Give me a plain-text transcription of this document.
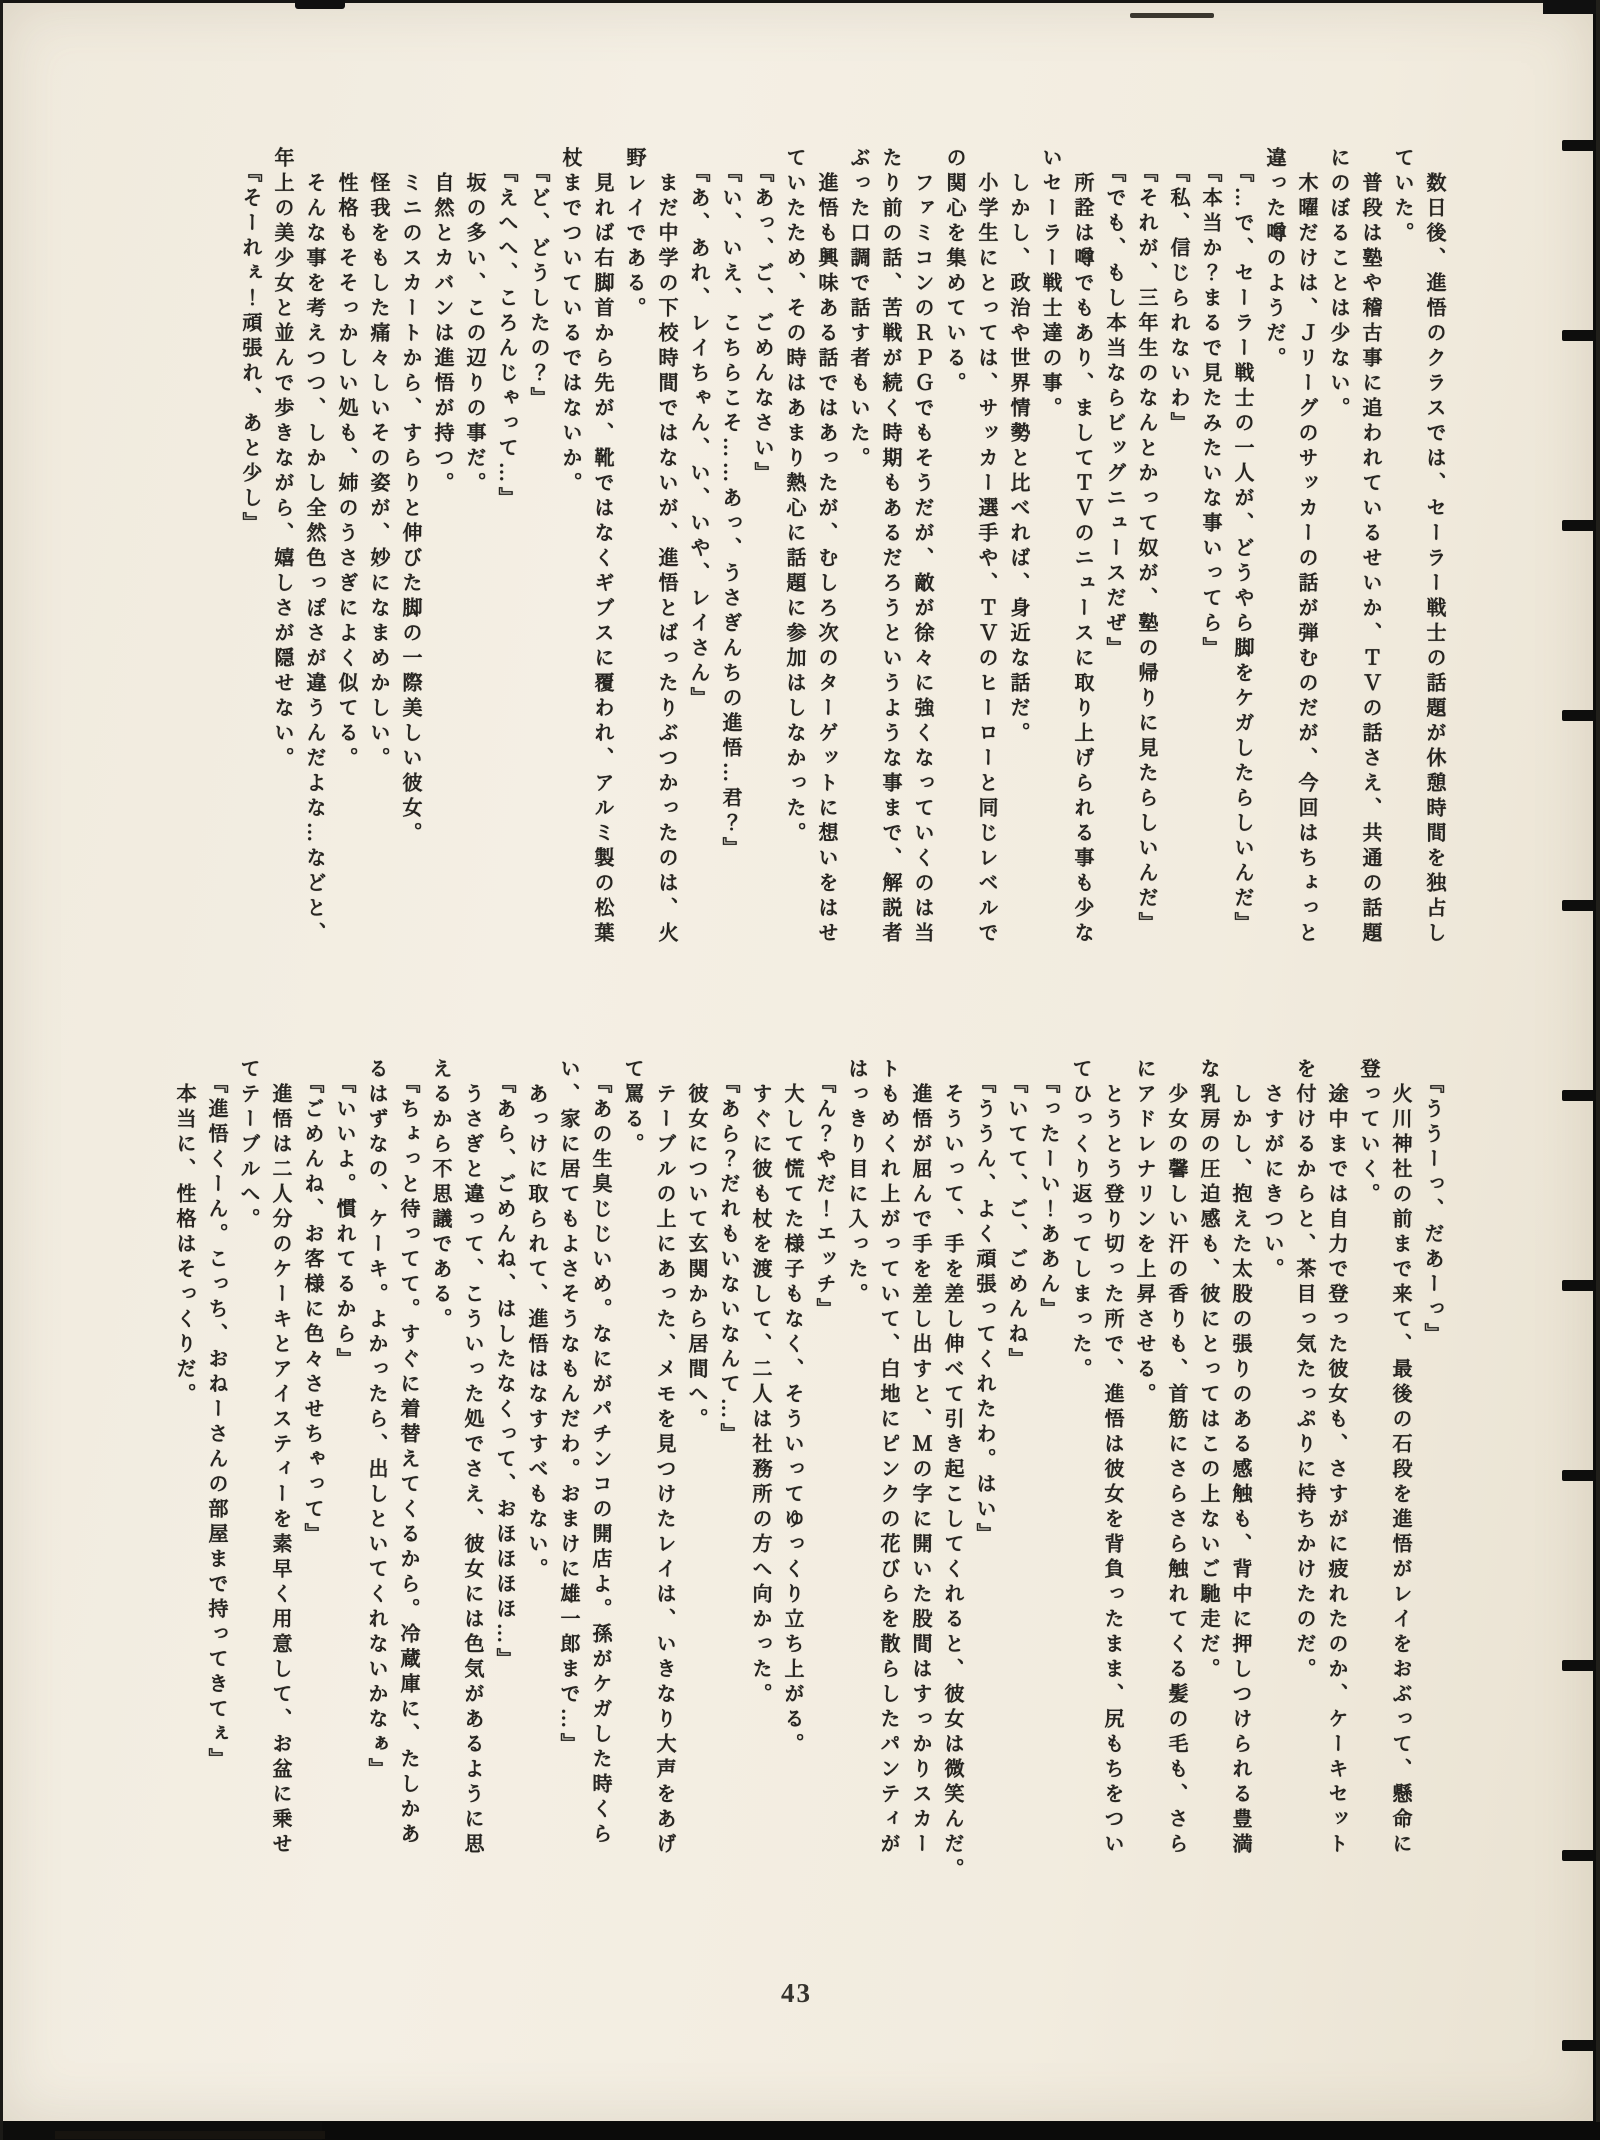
　数日後、進悟のクラスでは、セーラー戦士の話題が休憩時間を独占し

ていた。

　普段は塾や稽古事に追われているせいか、ＴＶの話さえ、共通の話題

にのぼることは少ない。

　木曜だけは、Ｊリーグのサッカーの話が弾むのだが、今回はちょっと

違った噂のようだ。

　『…で、セーラー戦士の一人が、どうやら脚をケガしたらしいんだ』

　『本当か？まるで見たみたいな事いってら』

　『私、信じられないわ』

　『それが、三年生のなんとかって奴が、塾の帰りに見たらしいんだ』

　『でも、もし本当ならビッグニュースだぜ』

　所詮は噂でもあり、ましてＴＶのニュースに取り上げられる事も少な

いセーラー戦士達の事。

　しかし、政治や世界情勢と比べれば、身近な話だ。

　小学生にとっては、サッカー選手や、ＴＶのヒーローと同じレベルで

の関心を集めている。

　ファミコンのＲＰＧでもそうだが、敵が徐々に強くなっていくのは当

たり前の話、苦戦が続く時期もあるだろうというような事まで、解説者

ぶった口調で話す者もいた。

　進悟も興味ある話ではあったが、むしろ次のターゲットに想いをはせ

ていたため、その時はあまり熱心に話題に参加はしなかった。

　『あっ、ご、ごめんなさい』

　『い、いえ、こちらこそ……あっ、うさぎんちの進悟…君？』

　『あ、あれ、レイちゃん、い、いや、レイさん』

　まだ中学の下校時間ではないが、進悟とばったりぶつかったのは、火

野レイである。

　見れば右脚首から先が、靴ではなくギブスに覆われ、アルミ製の松葉

杖までついているではないか。

　『ど、どうしたの？』

　『えへへ、ころんじゃって…』

　坂の多い、この辺りの事だ。

　自然とカバンは進悟が持つ。

　ミニのスカートから、すらりと伸びた脚の一際美しい彼女。

　怪我をもした痛々しいその姿が、妙になまめかしい。

　性格もそそっかしい処も、姉のうさぎによく似てる。

　そんな事を考えつつ、しかし全然色っぽさが違うんだよな…などと、

年上の美少女と並んで歩きながら、嬉しさが隠せない。

　『そーれぇ！頑張れ、あと少し』

　『ううーっ、だあーっ』

　火川神社の前まで来て、最後の石段を進悟がレイをおぶって、懸命に

登っていく。

　途中までは自力で登った彼女も、さすがに疲れたのか、ケーキセット

を付けるからと、茶目っ気たっぷりに持ちかけたのだ。

　さすがにきつい。

　しかし、抱えた太股の張りのある感触も、背中に押しつけられる豊満

な乳房の圧迫感も、彼にとってはこの上ないご馳走だ。

　少女の馨しい汗の香りも、首筋にさらさら触れてくる髪の毛も、さら

にアドレナリンを上昇させる。

　とうとう登り切った所で、進悟は彼女を背負ったまま、尻もちをつい

てひっくり返ってしまった。

　『ったーい！ああん』

　『いてて、ご、ごめんね』

　『ううん、よく頑張ってくれたわ。はい』

　そういって、手を差し伸べて引き起こしてくれると、彼女は微笑んだ。

　進悟が屈んで手を差し出すと、Ｍの字に開いた股間はすっかりスカー

トもめくれ上がっていて、白地にピンクの花びらを散らしたパンティが

はっきり目に入った。

　『ん？やだ！エッチ』

　大して慌てた様子もなく、そういってゆっくり立ち上がる。

　すぐに彼も杖を渡して、二人は社務所の方へ向かった。

　『あら？だれもいないなんて…』

　彼女について玄関から居間へ。

　テーブルの上にあった、メモを見つけたレイは、いきなり大声をあげ

て罵る。

　『あの生臭じじいめ。なにがパチンコの開店よ。孫がケガした時くら

い、家に居てもよさそうなもんだわ。おまけに雄一郎まで…』

　あっけに取られて、進悟はなすすべもない。

　『あら、ごめんね、はしたなくって、おほほほほ…』

　うさぎと違って、こういった処でさえ、彼女には色気があるように思

えるから不思議である。

　『ちょっと待ってて。すぐに着替えてくるから。冷蔵庫に、たしかあ

るはずなの、ケーキ。よかったら、出しといてくれないかなぁ』

　『いいよ。慣れてるから』

　『ごめんね、お客様に色々させちゃって』

　進悟は二人分のケーキとアイスティーを素早く用意して、お盆に乗せ

てテーブルへ。

　『進悟くーん。こっち、おねーさんの部屋まで持ってきてぇ』

　本当に、性格はそっくりだ。

43
